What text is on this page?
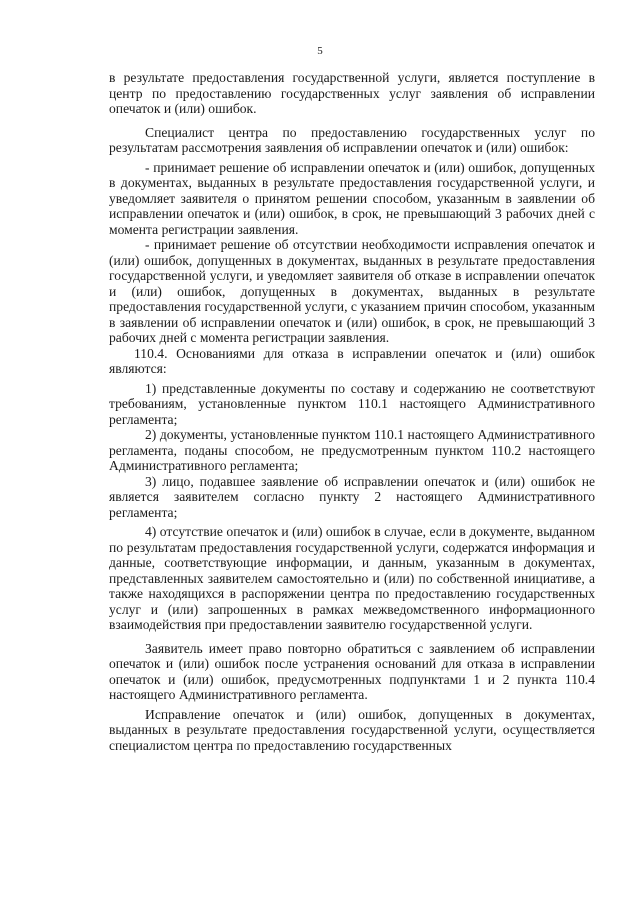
5

в результате предоставления государственной услуги, является поступление в центр по предоставлению государственных услуг заявления об исправлении опечаток и (или) ошибок.

Специалист центра по предоставлению государственных услуг по результатам рассмотрения заявления об исправлении опечаток и (или) ошибок:

- принимает решение об исправлении опечаток и (или) ошибок, допущенных в документах, выданных в результате предоставления государственной услуги, и уведомляет заявителя о принятом решении способом, указанным в заявлении об исправлении опечаток и (или) ошибок, в срок, не превышающий 3 рабочих дней с момента регистрации заявления.

- принимает решение об отсутствии необходимости исправления опечаток и (или) ошибок, допущенных в документах, выданных в результате предоставления государственной услуги, и уведомляет заявителя об отказе в исправлении опечаток и (или) ошибок, допущенных в документах, выданных в результате предоставления государственной услуги, с указанием причин способом, указанным в заявлении об исправлении опечаток и (или) ошибок, в срок, не превышающий 3 рабочих дней с момента регистрации заявления.

110.4. Основаниями для отказа в исправлении опечаток и (или) ошибок являются:

1) представленные документы по составу и содержанию не соответствуют требованиям, установленные пунктом 110.1 настоящего Административного регламента;

2) документы, установленные пунктом 110.1 настоящего Административного регламента, поданы способом, не предусмотренным пунктом 110.2 настоящего Административного регламента;

3) лицо, подавшее заявление об исправлении опечаток и (или) ошибок не является заявителем согласно пункту 2 настоящего Административного регламента;

4) отсутствие опечаток и (или) ошибок в случае, если в документе, выданном по результатам предоставления государственной услуги, содержатся информация и данные, соответствующие информации, и данным, указанным в документах, представленных заявителем самостоятельно и (или) по собственной инициативе, а также находящихся в распоряжении центра по предоставлению государственных услуг и (или) запрошенных в рамках межведомственного информационного взаимодействия при предоставлении заявителю государственной услуги.

Заявитель имеет право повторно обратиться с заявлением об исправлении опечаток и (или) ошибок после устранения оснований для отказа в исправлении опечаток и (или) ошибок, предусмотренных подпунктами 1 и 2 пункта 110.4 настоящего Административного регламента.

Исправление опечаток и (или) ошибок, допущенных в документах, выданных в результате предоставления государственной услуги, осуществляется специалистом центра по предоставлению государственных
